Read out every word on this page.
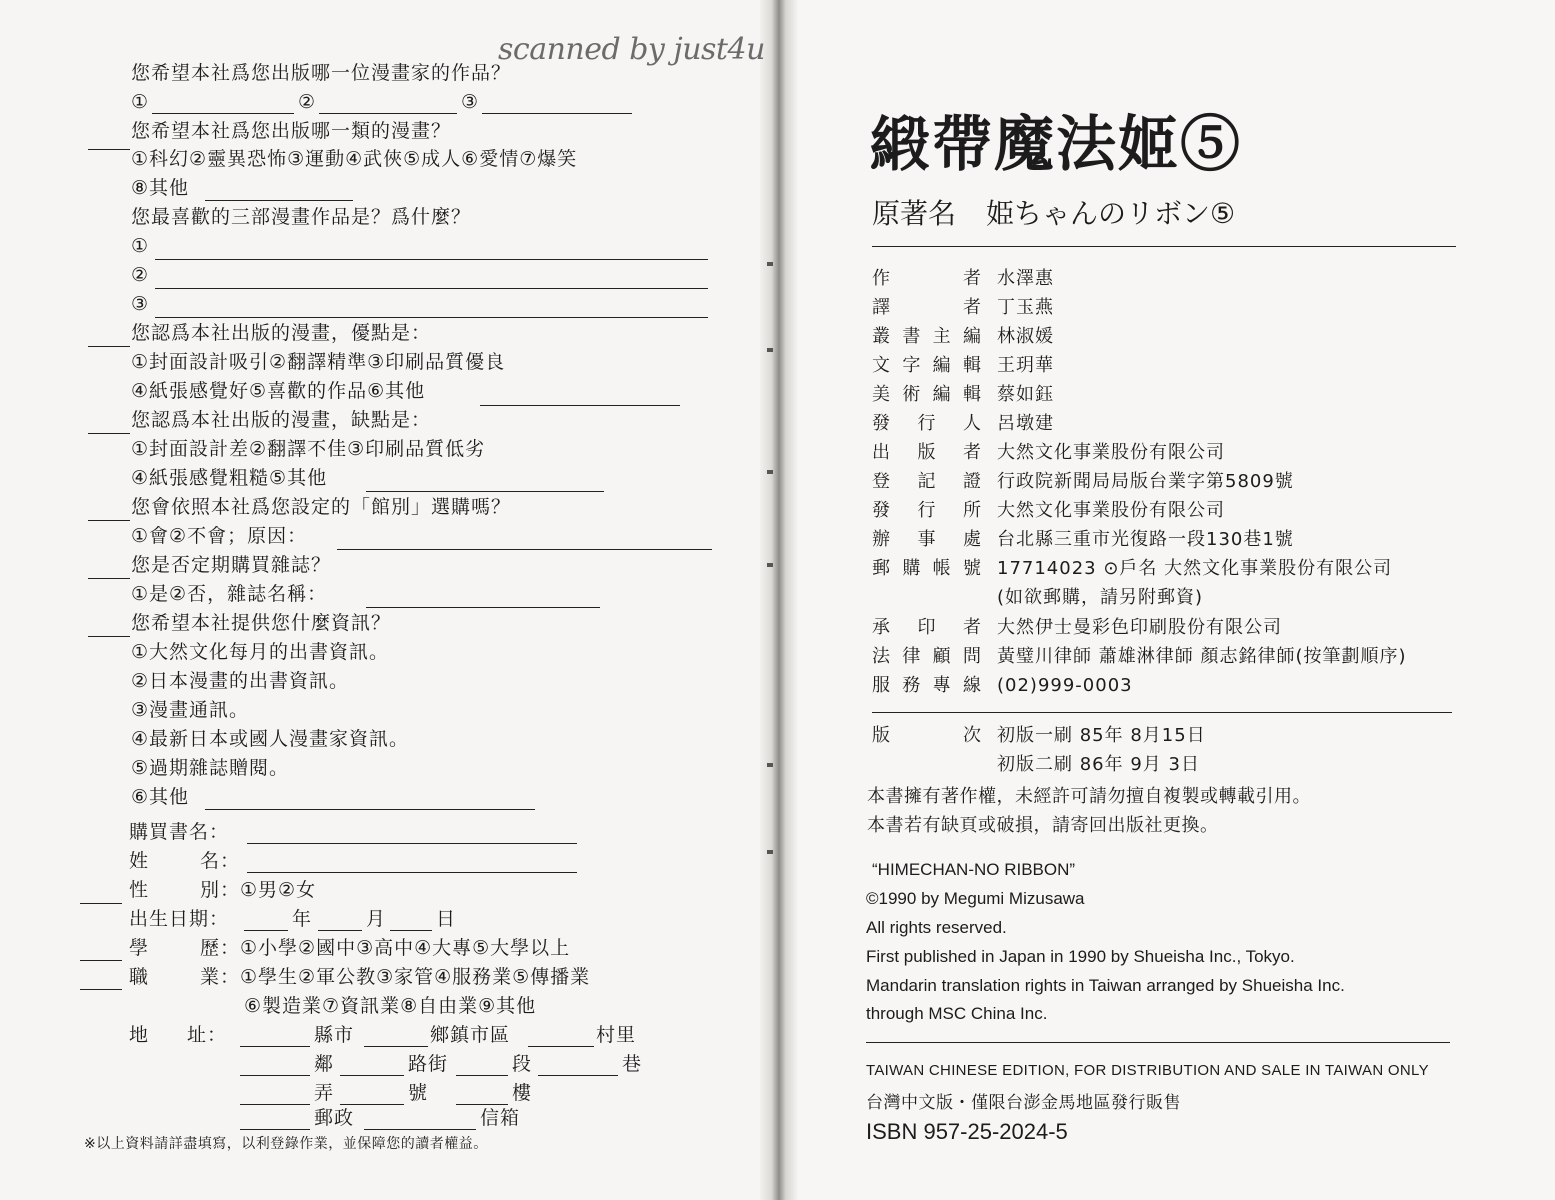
scanned by just4u
您希望本社爲您出版哪一位漫畫家的作品？
①	②	③
您希望本社爲您出版哪一類的漫畫？
①科幻②靈異恐怖③運動④武俠⑤成人⑥愛情⑦爆笑
⑧其他
您最喜歡的三部漫畫作品是？爲什麼？
①
②
③
您認爲本社出版的漫畫，優點是：
①封面設計吸引②翻譯精準③印刷品質優良
④紙張感覺好⑤喜歡的作品⑥其他
您認爲本社出版的漫畫，缺點是：
①封面設計差②翻譯不佳③印刷品質低劣
④紙張感覺粗糙⑤其他
您會依照本社爲您設定的「館別」選購嗎？
①會②不會；原因：
您是否定期購買雜誌？
①是②否，雜誌名稱：
您希望本社提供您什麼資訊？
①大然文化每月的出書資訊。
②日本漫畫的出書資訊。
③漫畫通訊。
④最新日本或國人漫畫家資訊。
⑤過期雜誌贈閱。
⑥其他
購買書名：
姓	名：
性	別：①男②女
出生日期：	年	月	日
學	歷：①小學②國中③高中④大專⑤大學以上
職	業：①學生②軍公教③家管④服務業⑤傳播業
⑥製造業⑦資訊業⑧自由業⑨其他
地 址：	縣市	鄉鎮市區	村里
鄰	路街	段	巷
弄	號	樓
郵政	信箱
※以上資料請詳盡填寫，以利登錄作業，並保障您的讀者權益。
緞帶魔法姬⑤
原著名 姫ちゃんのリボン⑤
作	者 水澤惠
譯	者 丁玉燕
叢 書 主 編 林淑媛
文 字 編 輯 王玥華
美 術 編 輯 蔡如鈺
發 行 人 呂墩建
出 版 者 大然文化事業股份有限公司
登 記 證 行政院新聞局局版台業字第5809號
發 行 所 大然文化事業股份有限公司
辦 事 處 台北縣三重市光復路一段130巷1號
郵 購 帳 號 17714023 ⊙戶名 大然文化事業股份有限公司
(如欲郵購，請另附郵資)
承 印 者 大然伊士曼彩色印刷股份有限公司
法 律 顧 問 黃璧川律師 蕭雄淋律師 顏志銘律師(按筆劃順序)
服 務 專 線 (02)999-0003
版	次 初版一刷 85年 8月15日
初版二刷 86年 9月 3日
本書擁有著作權，未經許可請勿擅自複製或轉載引用。
本書若有缺頁或破損，請寄回出版社更換。
“HIMECHAN-NO RIBBON”
©1990 by Megumi Mizusawa
All rights reserved.
First published in Japan in 1990 by Shueisha Inc., Tokyo.
Mandarin translation rights in Taiwan arranged by Shueisha Inc.
through MSC China Inc.
TAIWAN CHINESE EDITION, FOR DISTRIBUTION AND SALE IN TAIWAN ONLY
台灣中文版・僅限台澎金馬地區發行販售
ISBN 957-25-2024-5
